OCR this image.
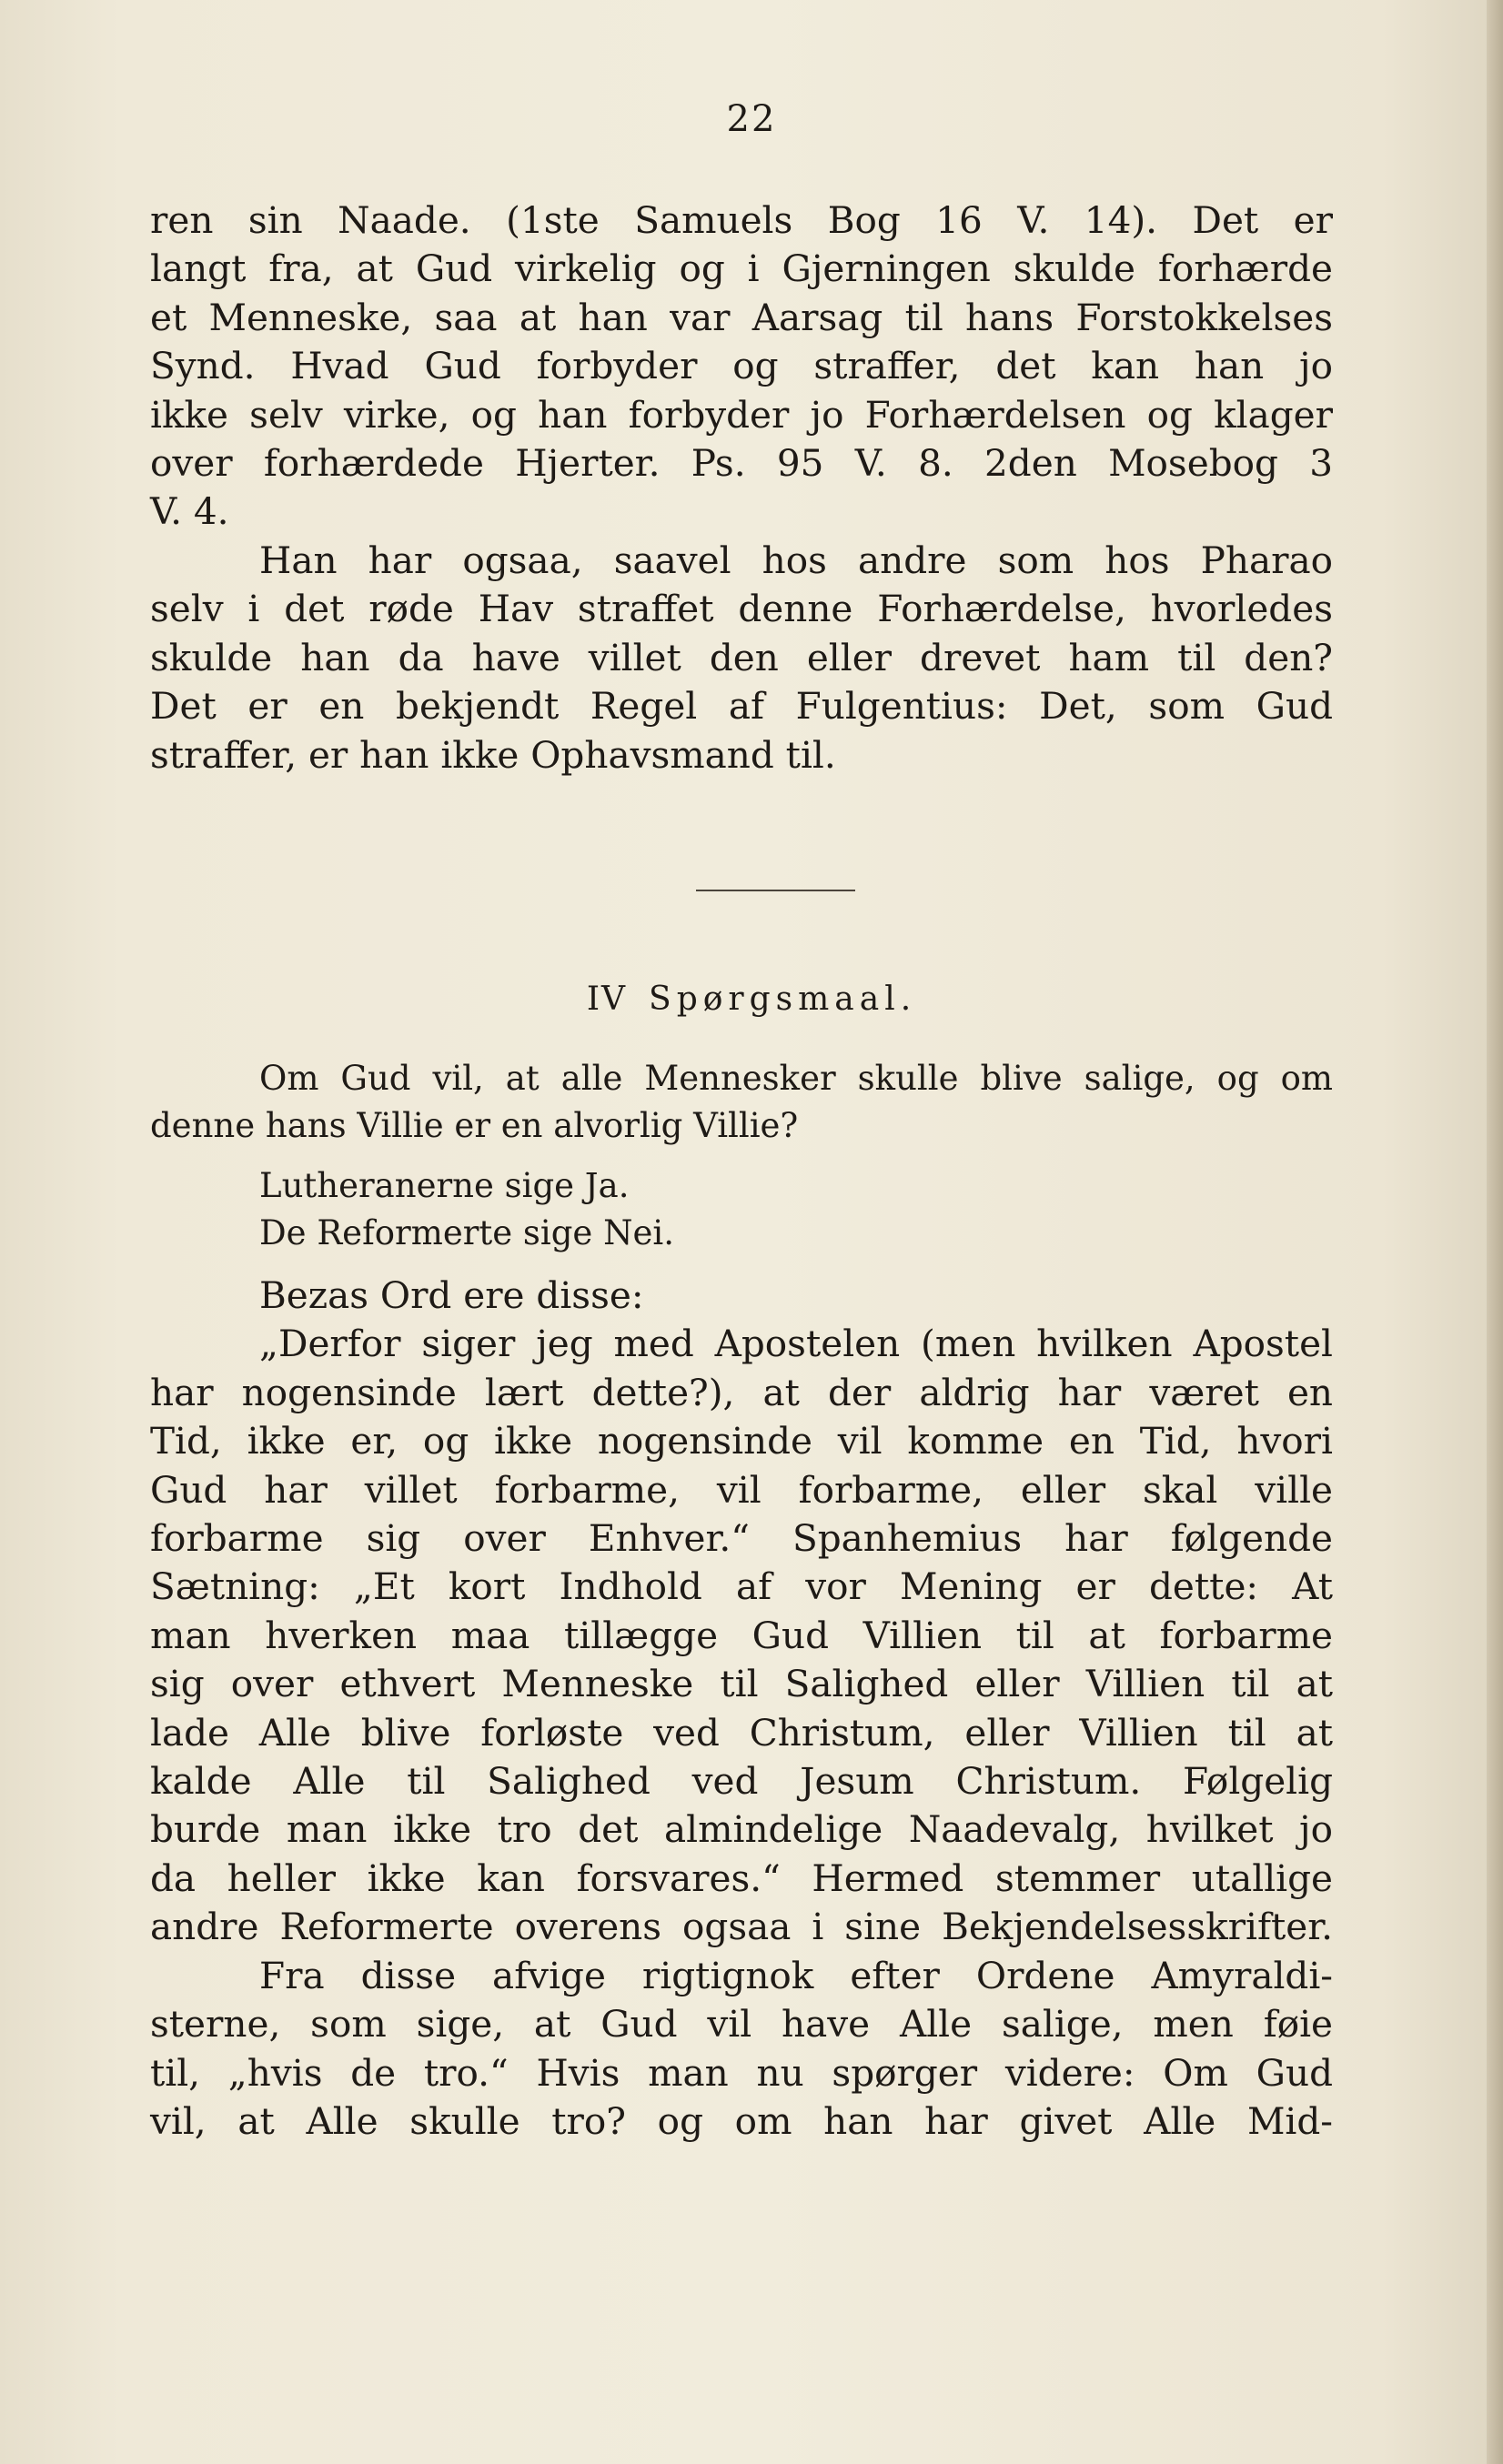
22
ren sin Naade. (1ste Samuels Bog 16 V. 14). Det er
langt fra, at Gud virkelig og i Gjerningen skulde forhærde
et Menneske, saa at han var Aarsag til hans Forstokkelses
Synd. Hvad Gud forbyder og straffer, det kan han jo
ikke selv virke, og han forbyder jo Forhærdelsen og klager
over forhærdede Hjerter. Ps. 95 V. 8. 2den Mosebog 3
V. 4.
Han har ogsaa, saavel hos andre som hos Pharao
selv i det røde Hav straffet denne Forhærdelse, hvorledes
skulde han da have villet den eller drevet ham til den?
Det er en bekjendt Regel af Fulgentius: Det, som Gud
straffer, er han ikke Ophavsmand til.
IV Spørgsmaal.
Om Gud vil, at alle Mennesker skulle blive salige, og om
denne hans Villie er en alvorlig Villie?
Lutheranerne sige Ja.
De Reformerte sige Nei.
Bezas Ord ere disse:
„Derfor siger jeg med Apostelen (men hvilken Apostel
har nogensinde lært dette?), at der aldrig har været en
Tid, ikke er, og ikke nogensinde vil komme en Tid, hvori
Gud har villet forbarme, vil forbarme, eller skal ville
forbarme sig over Enhver.“ Spanhemius har følgende
Sætning: „Et kort Indhold af vor Mening er dette: At
man hverken maa tillægge Gud Villien til at forbarme
sig over ethvert Menneske til Salighed eller Villien til at
lade Alle blive forløste ved Christum, eller Villien til at
kalde Alle til Salighed ved Jesum Christum. Følgelig
burde man ikke tro det almindelige Naadevalg, hvilket jo
da heller ikke kan forsvares.“ Hermed stemmer utallige
andre Reformerte overens ogsaa i sine Bekjendelsesskrifter.
Fra disse afvige rigtignok efter Ordene Amyraldi-
sterne, som sige, at Gud vil have Alle salige, men føie
til, „hvis de tro.“ Hvis man nu spørger videre: Om Gud
vil, at Alle skulle tro? og om han har givet Alle Mid-
